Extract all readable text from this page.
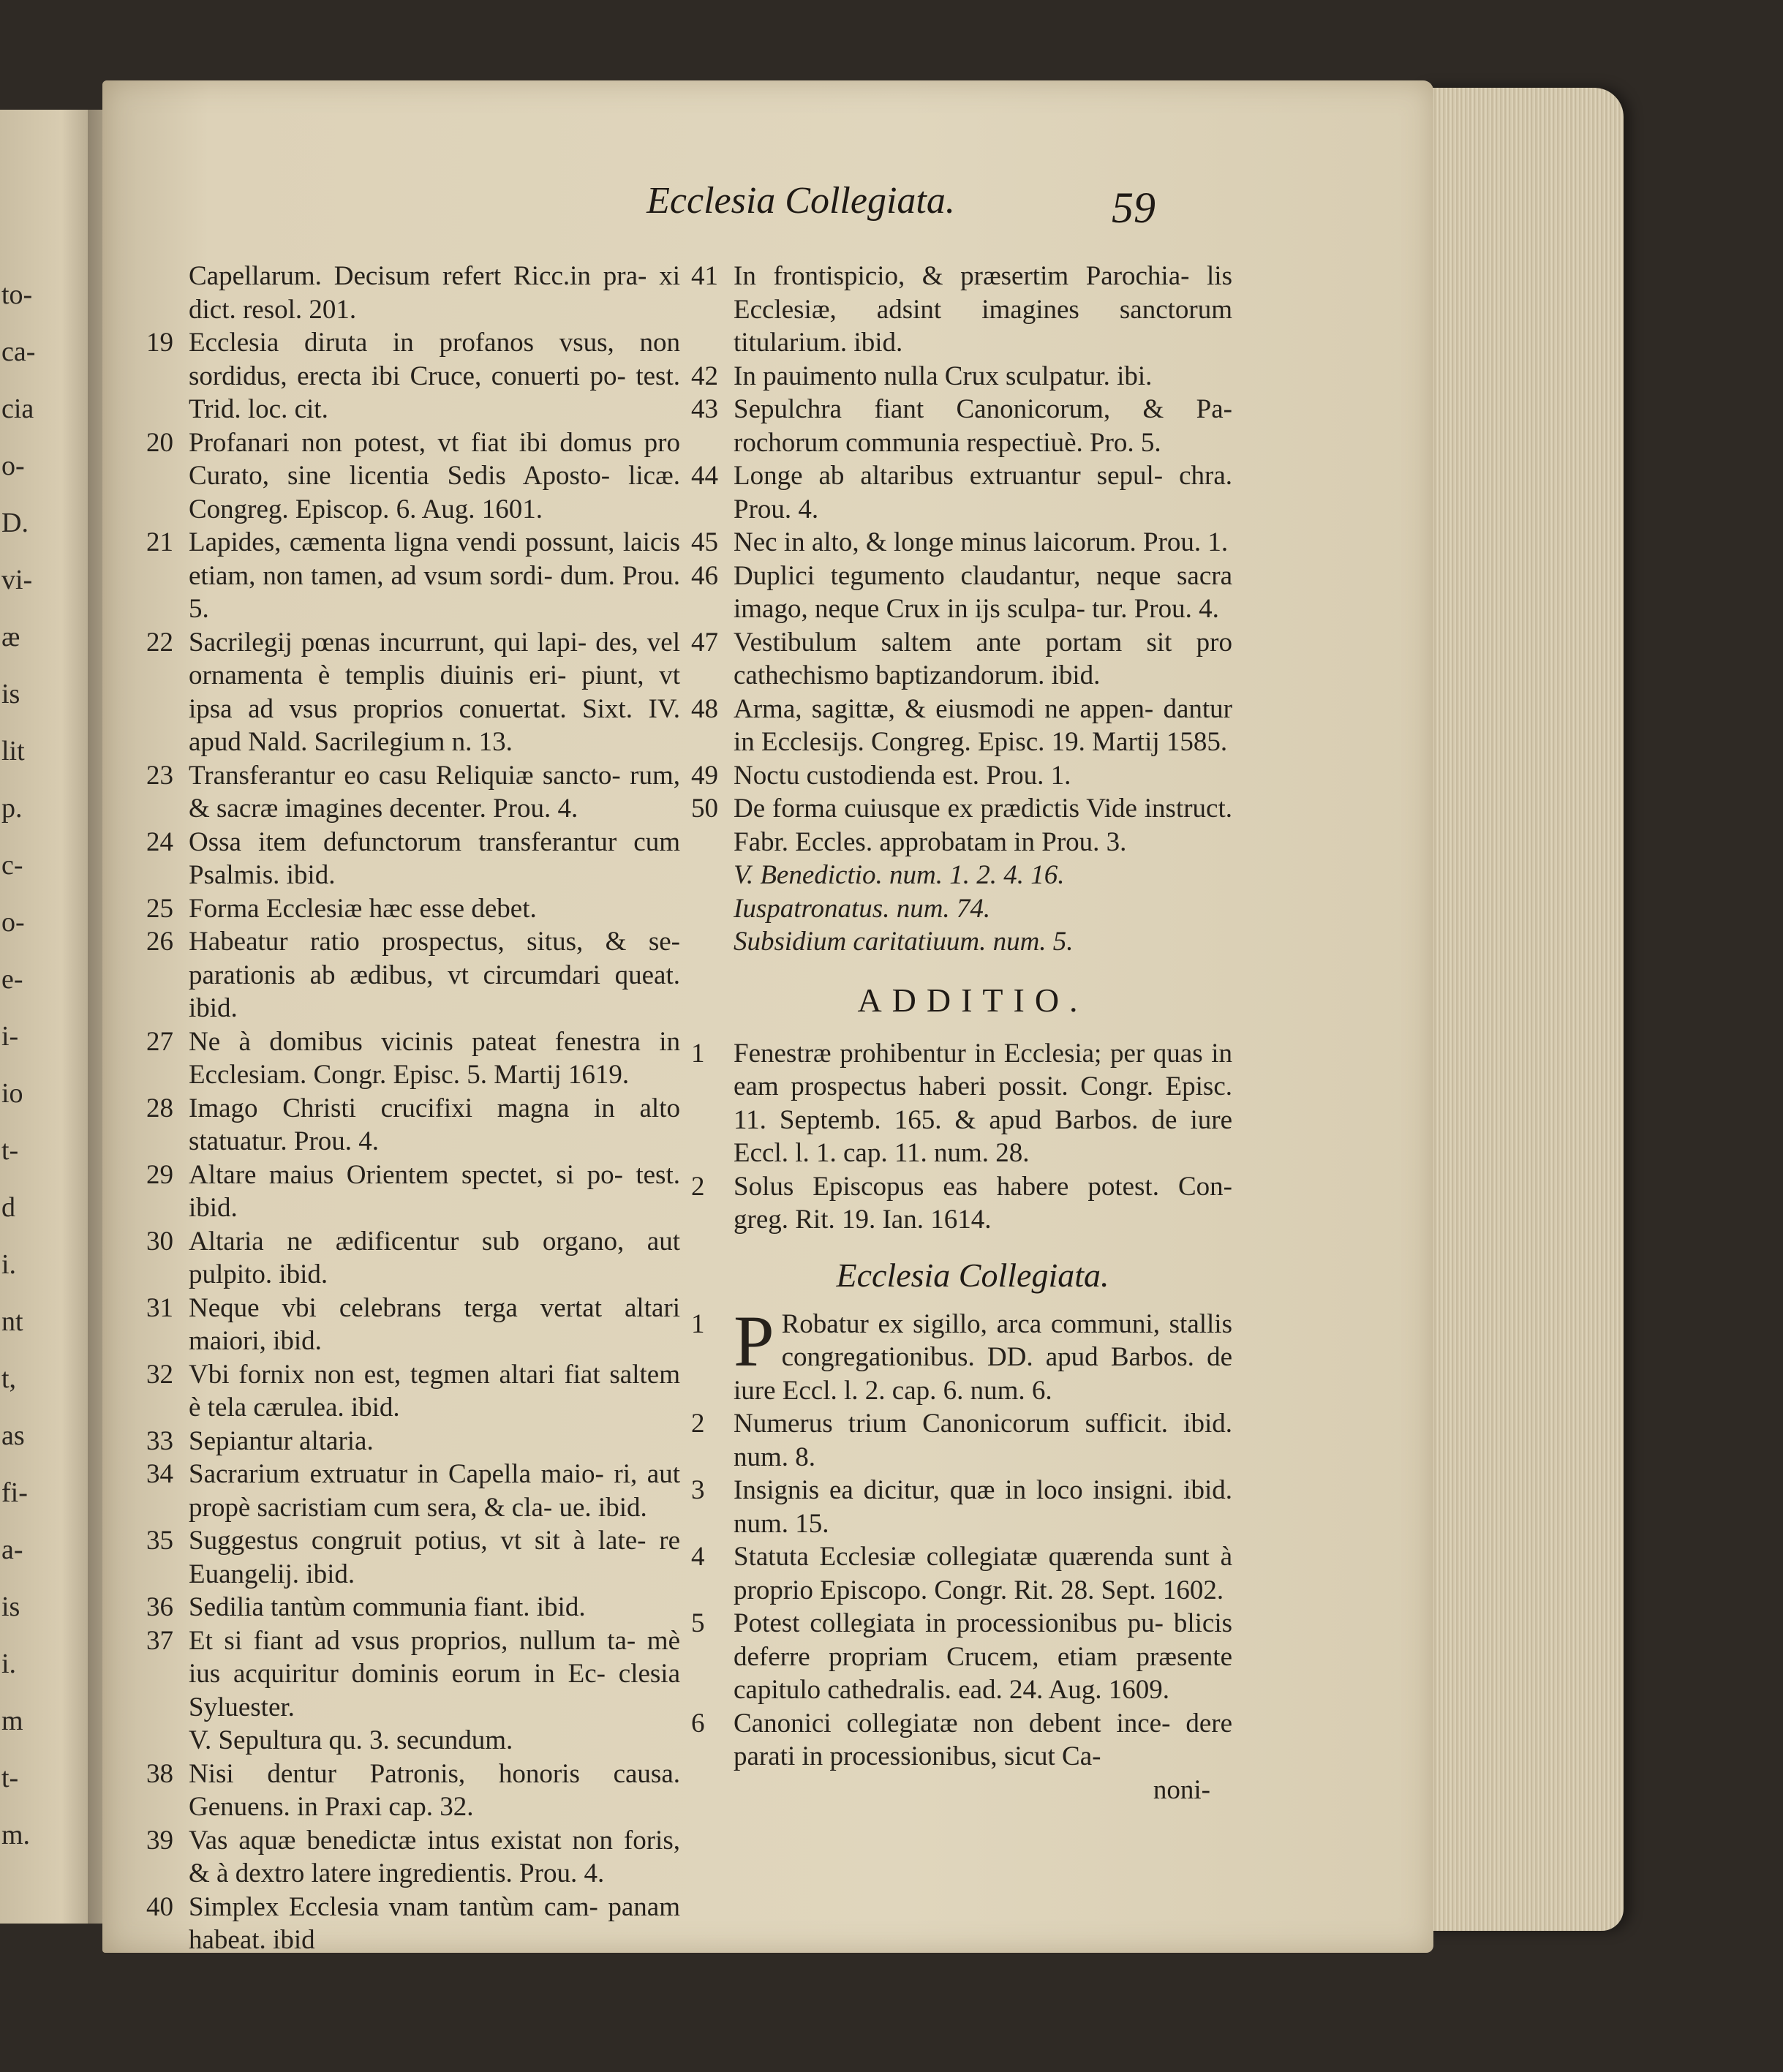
to-
ca-
cia
o-
D.
vi-
æ
is
lit
p.
c-
o-
e-
i-
io
t-
d
i.
nt
t,
as
fi-
a-
is
i.
m
t-
m.
Ecclesia Collegiata.	59
Capellarum. Decisum refert Ricc.in pra- xi dict. resol. 201.
19 Ecclesia diruta in profanos vsus, non sordidus, erecta ibi Cruce, conuerti po- test. Trid. loc. cit.
20 Profanari non potest, vt fiat ibi domus pro Curato, sine licentia Sedis Aposto- licæ. Congreg. Episcop. 6. Aug. 1601.
21 Lapides, cæmenta ligna vendi possunt, laicis etiam, non tamen, ad vsum sordi- dum. Prou. 5.
22 Sacrilegij pœnas incurrunt, qui lapi- des, vel ornamenta è templis diuinis eri- piunt, vt ipsa ad vsus proprios conuertat. Sixt. IV. apud Nald. Sacrilegium n. 13.
23 Transferantur eo casu Reliquiæ sancto- rum, & sacræ imagines decenter. Prou. 4.
24 Ossa item defunctorum transferantur cum Psalmis. ibid.
25 Forma Ecclesiæ hæc esse debet.
26 Habeatur ratio prospectus, situs, & se- parationis ab ædibus, vt circumdari queat. ibid.
27 Ne à domibus vicinis pateat fenestra in Ecclesiam. Congr. Episc. 5. Martij 1619.
28 Imago Christi crucifixi magna in alto statuatur. Prou. 4.
29 Altare maius Orientem spectet, si po- test. ibid.
30 Altaria ne ædificentur sub organo, aut pulpito. ibid.
31 Neque vbi celebrans terga vertat altari maiori, ibid.
32 Vbi fornix non est, tegmen altari fiat saltem è tela cærulea. ibid.
33 Sepiantur altaria.
34 Sacrarium extruatur in Capella maio- ri, aut propè sacristiam cum sera, & cla- ue. ibid.
35 Suggestus congruit potius, vt sit à late- re Euangelij. ibid.
36 Sedilia tantùm communia fiant. ibid.
37 Et si fiant ad vsus proprios, nullum ta- mè ius acquiritur dominis eorum in Ec- clesia Syluester.
V. Sepultura qu. 3. secundum.
38 Nisi dentur Patronis, honoris causa. Genuens. in Praxi cap. 32.
39 Vas aquæ benedictæ intus existat non foris, & à dextro latere ingredientis. Prou. 4.
40 Simplex Ecclesia vnam tantùm cam- panam habeat. ibid
41 In frontispicio, & præsertim Parochia- lis Ecclesiæ, adsint imagines sanctorum titularium. ibid.
42 In pauimento nulla Crux sculpatur. ibi.
43 Sepulchra fiant Canonicorum, & Pa- rochorum communia respectiuè. Pro. 5.
44 Longe ab altaribus extruantur sepul- chra. Prou. 4.
45 Nec in alto, & longe minus laicorum. Prou. 1.
46 Duplici tegumento claudantur, neque sacra imago, neque Crux in ijs sculpa- tur. Prou. 4.
47 Vestibulum saltem ante portam sit pro cathechismo baptizandorum. ibid.
48 Arma, sagittæ, & eiusmodi ne appen- dantur in Ecclesijs. Congreg. Episc. 19. Martij 1585.
49 Noctu custodienda est. Prou. 1.
50 De forma cuiusque ex prædictis Vide instruct. Fabr. Eccles. approbatam in Prou. 3.
V. Benedictio. num. 1. 2. 4. 16.
Iuspatronatus. num. 74.
Subsidium caritatiuum. num. 5.
ADDITIO.
1	Fenestræ prohibentur in Ecclesia; per quas in eam prospectus haberi possit. Congr. Episc. 11. Septemb. 165. & apud Barbos. de iure Eccl. l. 1. cap. 11. num. 28.
2	Solus Episcopus eas habere potest. Con- greg. Rit. 19. Ian. 1614.
Ecclesia Collegiata.
1 P Robatur ex sigillo, arca communi, stallis congregationibus. DD. apud Barbos. de iure Eccl. l. 2. cap. 6. num. 6.
2	Numerus trium Canonicorum sufficit. ibid. num. 8.
3	Insignis ea dicitur, quæ in loco insigni. ibid. num. 15.
4	Statuta Ecclesiæ collegiatæ quærenda sunt à proprio Episcopo. Congr. Rit. 28. Sept. 1602.
5	Potest collegiata in processionibus pu- blicis deferre propriam Crucem, etiam præsente capitulo cathedralis. ead. 24. Aug. 1609.
6	Canonici collegiatæ non debent ince- dere parati in processionibus, sicut Ca-
noni-
